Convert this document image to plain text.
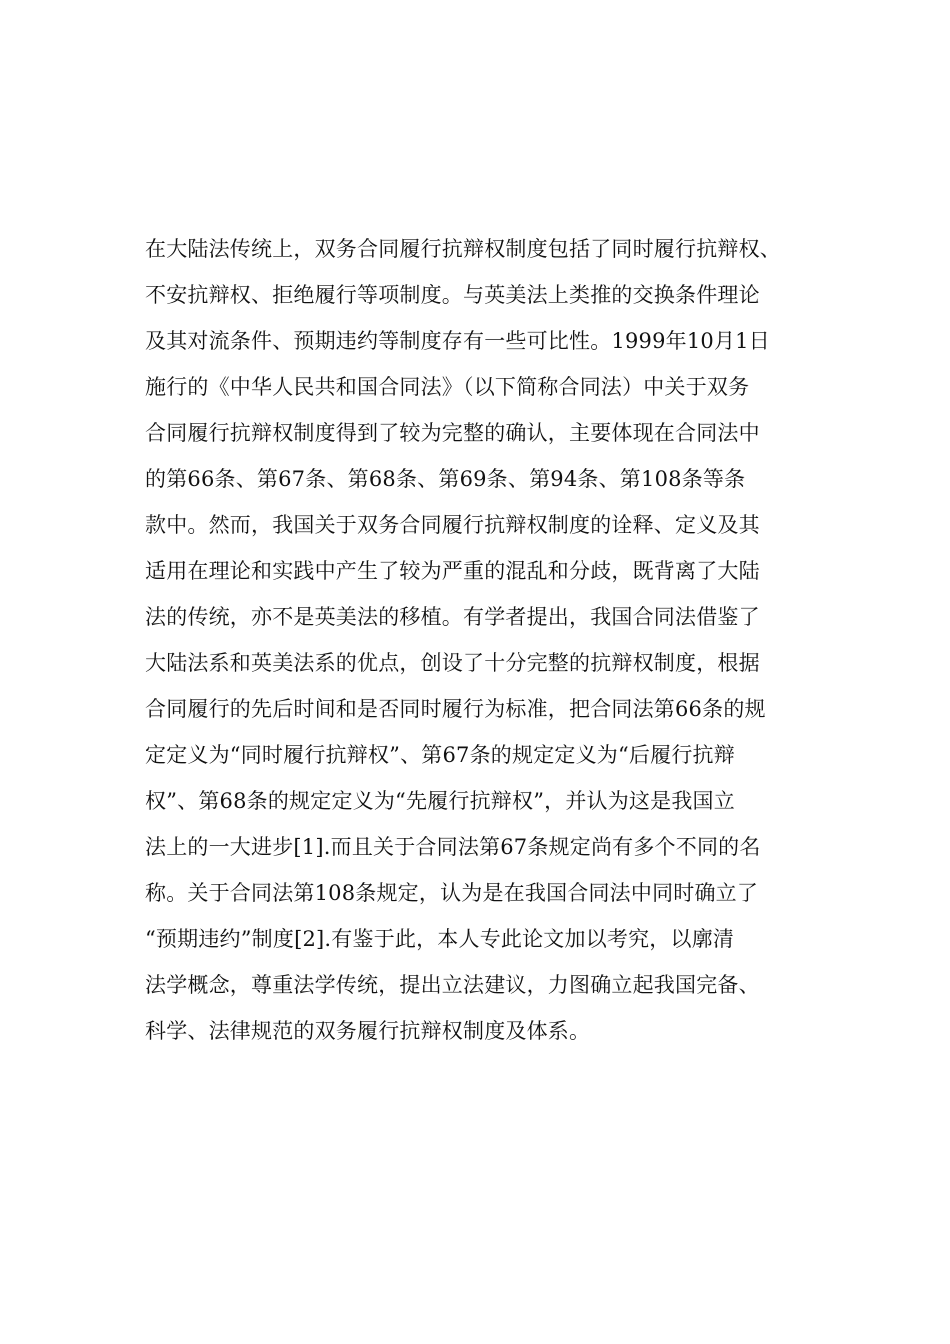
在大陆法传统上，双务合同履行抗辩权制度包括了同时履行抗辩权、
不安抗辩权、拒绝履行等项制度。与英美法上类推的交换条件理论
及其对流条件、预期违约等制度存有一些可比性。1999年10月1日
施行的《中华人民共和国合同法》（以下简称合同法）中关于双务
合同履行抗辩权制度得到了较为完整的确认，主要体现在合同法中
的第66条、第67条、第68条、第69条、第94条、第108条等条
款中。然而，我国关于双务合同履行抗辩权制度的诠释、定义及其
适用在理论和实践中产生了较为严重的混乱和分歧，既背离了大陆
法的传统，亦不是英美法的移植。有学者提出，我国合同法借鉴了
大陆法系和英美法系的优点，创设了十分完整的抗辩权制度，根据
合同履行的先后时间和是否同时履行为标准，把合同法第66条的规
定定义为“同时履行抗辩权”、第67条的规定定义为“后履行抗辩
权”、第68条的规定定义为“先履行抗辩权”，并认为这是我国立
法上的一大进步[1].而且关于合同法第67条规定尚有多个不同的名
称。关于合同法第108条规定，认为是在我国合同法中同时确立了
“预期违约”制度[2].有鉴于此，本人专此论文加以考究，以廓清
法学概念，尊重法学传统，提出立法建议，力图确立起我国完备、
科学、法律规范的双务履行抗辩权制度及体系。
